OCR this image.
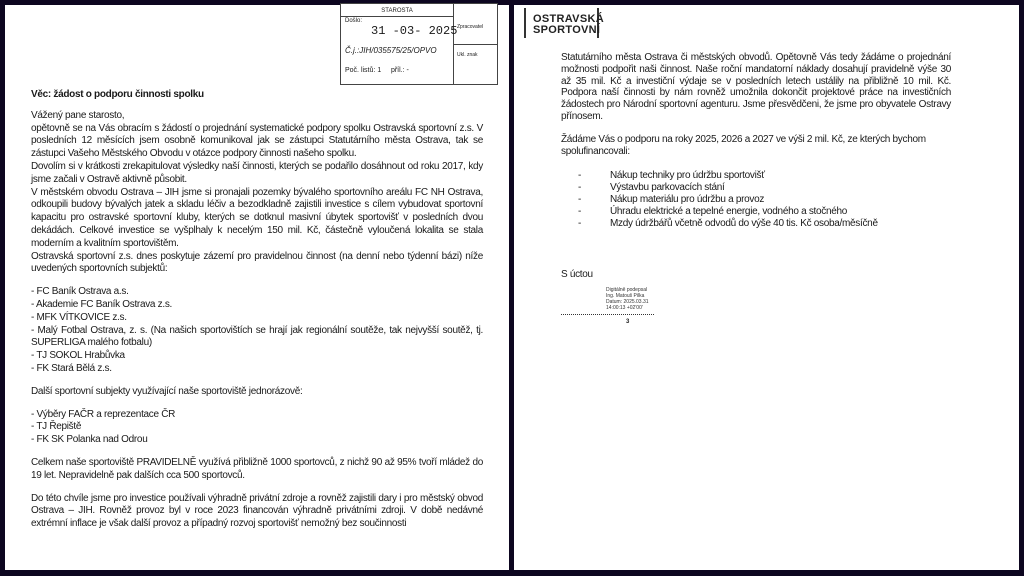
STAROSTA
Došlo:
31 -03- 2025
Č.j.:JIH/035575/25/OPVO
Poč. listů: 1 příl.: -
Zpracovatel
Ukl. znak

Věc: žádost o podporu činnosti spolku

Vážený pane starosto,

opětovně se na Vás obracím s žádostí o projednání systematické podpory spolku Ostravská sportovní z.s. V posledních 12 měsících jsem osobně komunikoval jak se zástupci Statutárního města Ostrava, tak se zástupci Vašeho Městského Obvodu v otázce podpory činnosti našeho spolku.

Dovolím si v krátkosti zrekapitulovat výsledky naší činnosti, kterých se podařilo dosáhnout od roku 2017, kdy jsme začali v Ostravě aktivně působit.

V městském obvodu Ostrava – JIH jsme si pronajali pozemky bývalého sportovního areálu FC NH Ostrava, odkoupili budovy bývalých jatek a skladu léčiv a bezodkladně zajistili investice s cílem vybudovat sportovní kapacitu pro ostravské sportovní kluby, kterých se dotknul masivní úbytek sportovišť v posledních dvou dekádách. Celkové investice se vyšplhaly k necelým 150 mil. Kč, částečně vyloučená lokalita se stala moderním a kvalitním sportovištěm.

Ostravská sportovní z.s. dnes poskytuje zázemí pro pravidelnou činnost (na denní nebo týdenní bázi) níže uvedených sportovních subjektů:

- FC Baník Ostrava a.s.
- Akademie FC Baník Ostrava z.s.
- MFK VÍTKOVICE z.s.
- Malý Fotbal Ostrava, z. s. (Na našich sportovištích se hrají jak regionální soutěže, tak nejvyšší soutěž, tj. SUPERLIGA malého fotbalu)
- TJ SOKOL Hrabůvka
- FK Stará Bělá z.s.

Další sportovní subjekty využívající naše sportoviště jednorázově:

- Výběry FAČR a reprezentace ČR
- TJ Řepiště
- FK SK Polanka nad Odrou

Celkem naše sportoviště PRAVIDELNĚ využívá přibližně 1000 sportovců, z nichž 90 až 95% tvoří mládež do 19 let. Nepravidelně pak dalších cca 500 sportovců.

Do této chvíle jsme pro investice používali výhradně privátní zdroje a rovněž zajistili dary i pro městský obvod Ostrava – JIH. Rovněž provoz byl v roce 2023 financován výhradně privátními zdroji. V době nedávné extrémní inflace je však další provoz a případný rozvoj sportovišť nemožný bez součinnosti

OSTRAVSKÁ
SPORTOVNÍ

Statutárního města Ostrava či městských obvodů. Opětovně Vás tedy žádáme o projednání možnosti podpořit naši činnost. Naše roční mandatorní náklady dosahují pravidelně výše 30 až 35 mil. Kč a investiční výdaje se v posledních letech ustálily na přibližně 10 mil. Kč. Podpora naší činnosti by nám rovněž umožnila dokončit projektové práce na investičních žádostech pro Národní sportovní agenturu. Jsme přesvědčeni, že jsme pro obyvatele Ostravy přínosem.

Žádáme Vás o podporu na roky 2025, 2026 a 2027 ve výši 2 mil. Kč, ze kterých bychom spolufinancovali:

-	Nákup techniky pro údržbu sportovišť
-	Výstavbu parkovacích stání
-	Nákup materiálu pro údržbu a provoz
-	Úhradu elektrické a tepelné energie, vodného a stočného
-	Mzdy údržbářů včetně odvodů do výše 40 tis. Kč osoba/měsíčně
S úctou
Digitálně podepsal
Ing. Matouš Pilka
Datum: 2025.03.31
14:00:13 +02'00'
3
